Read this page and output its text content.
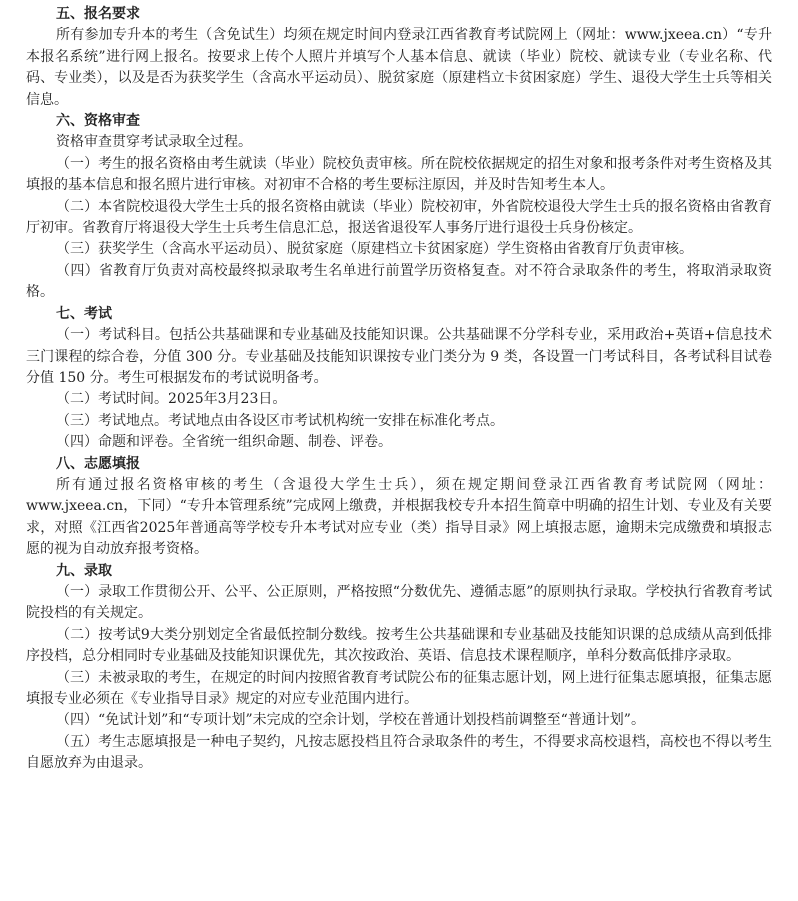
五、报名要求

所有参加专升本的考生（含免试生）均须在规定时间内登录江西省教育考试院网上（网址：www.jxeea.cn）“专升本报名系统”进行网上报名。按要求上传个人照片并填写个人基本信息、就读（毕业）院校、就读专业（专业名称、代码、专业类），以及是否为获奖学生（含高水平运动员）、脱贫家庭（原建档立卡贫困家庭）学生、退役大学生士兵等相关信息。

六、资格审查

资格审查贯穿考试录取全过程。

（一）考生的报名资格由考生就读（毕业）院校负责审核。所在院校依据规定的招生对象和报考条件对考生资格及其填报的基本信息和报名照片进行审核。对初审不合格的考生要标注原因，并及时告知考生本人。

（二）本省院校退役大学生士兵的报名资格由就读（毕业）院校初审，外省院校退役大学生士兵的报名资格由省教育厅初审。省教育厅将退役大学生士兵考生信息汇总，报送省退役军人事务厅进行退役士兵身份核定。

（三）获奖学生（含高水平运动员）、脱贫家庭（原建档立卡贫困家庭）学生资格由省教育厅负责审核。

（四）省教育厅负责对高校最终拟录取考生名单进行前置学历资格复查。对不符合录取条件的考生，将取消录取资格。

七、考试

（一）考试科目。包括公共基础课和专业基础及技能知识课。公共基础课不分学科专业，采用政治+英语+信息技术三门课程的综合卷，分值 300 分。专业基础及技能知识课按专业门类分为 9 类，各设置一门考试科目，各考试科目试卷分值 150 分。考生可根据发布的考试说明备考。

（二）考试时间。2025年3月23日。

（三）考试地点。考试地点由各设区市考试机构统一安排在标准化考点。

（四）命题和评卷。全省统一组织命题、制卷、评卷。

八、志愿填报

所有通过报名资格审核的考生（含退役大学生士兵），须在规定期间登录江西省教育考试院网（网址：www.jxeea.cn，下同）“专升本管理系统”完成网上缴费，并根据我校专升本招生简章中明确的招生计划、专业及有关要求，对照《江西省2025年普通高等学校专升本考试对应专业（类）指导目录》网上填报志愿，逾期未完成缴费和填报志愿的视为自动放弃报考资格。

九、录取

（一）录取工作贯彻公开、公平、公正原则，严格按照“分数优先、遵循志愿”的原则执行录取。学校执行省教育考试院投档的有关规定。

（二）按考试9大类分别划定全省最低控制分数线。按考生公共基础课和专业基础及技能知识课的总成绩从高到低排序投档，总分相同时专业基础及技能知识课优先，其次按政治、英语、信息技术课程顺序，单科分数高低排序录取。

（三）未被录取的考生，在规定的时间内按照省教育考试院公布的征集志愿计划，网上进行征集志愿填报，征集志愿填报专业必须在《专业指导目录》规定的对应专业范围内进行。

（四）“免试计划”和“专项计划”未完成的空余计划，学校在普通计划投档前调整至“普通计划”。

（五）考生志愿填报是一种电子契约，凡按志愿投档且符合录取条件的考生，不得要求高校退档，高校也不得以考生自愿放弃为由退录。
